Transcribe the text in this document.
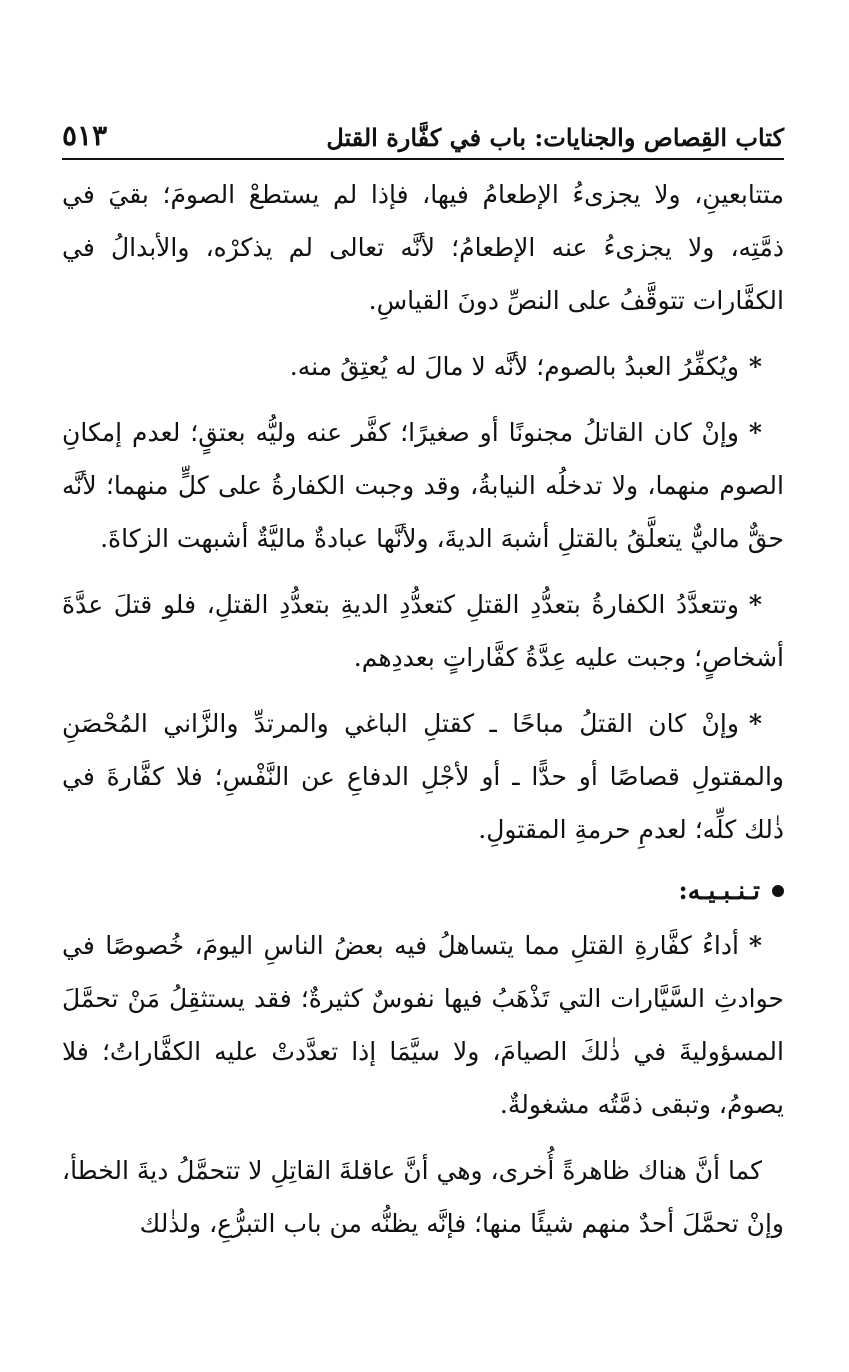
كتاب القِصاص والجنايات: باب في كفَّارة القتل
٥١٣

متتابعينِ، ولا يجزىءُ الإطعامُ فيها، فإذا لم يستطعْ الصومَ؛ بقيَ في ذمَّتِه، ولا يجزىءُ عنه الإطعامُ؛ لأنَّه تعالى لم يذكرْه، والأبدالُ في الكفَّارات تتوقَّفُ على النصِّ دونَ القياسِ.

*ويُكفِّرُ العبدُ بالصوم؛ لأنَّه لا مالَ له يُعتِقُ منه.

*وإنْ كان القاتلُ مجنونًا أو صغيرًا؛ كفَّر عنه وليُّه بعتقٍ؛ لعدم إمكانِ الصوم منهما، ولا تدخلُه النيابةُ، وقد وجبت الكفارةُ على كلٍّ منهما؛ لأنَّه حقٌّ ماليٌّ يتعلَّقُ بالقتلِ أشبهَ الديةَ، ولأنَّها عبادةٌ ماليَّةٌ أشبهت الزكاةَ.

*وتتعدَّدُ الكفارةُ بتعدُّدِ القتلِ كتعدُّدِ الديةِ بتعدُّدِ القتلِ، فلو قتلَ عدَّةَ أشخاصٍ؛ وجبت عليه عِدَّةُ كفَّاراتٍ بعددِهم.

*وإنْ كان القتلُ مباحًا ـ كقتلِ الباغي والمرتدِّ والزَّاني المُحْصَنِ والمقتولِ قصاصًا أو حدًّا ـ أو لأجْلِ الدفاعِ عن النَّفْسِ؛ فلا كفَّارةَ في ذٰلك كلِّه؛ لعدمِ حرمةِ المقتولِ.

تـنـبـيـه:

*أداءُ كفَّارةِ القتلِ مما يتساهلُ فيه بعضُ الناسِ اليومَ، خُصوصًا في حوادثِ السَّيَّارات التي تَذْهَبُ فيها نفوسٌ كثيرةٌ؛ فقد يستثقِلُ مَنْ تحمَّلَ المسؤوليةَ في ذٰلكَ الصيامَ، ولا سيَّمَا إذا تعدَّدتْ عليه الكفَّاراتُ؛ فلا يصومُ، وتبقى ذمَّتُه مشغولةٌ.

كما أنَّ هناك ظاهرةً أُخرى، وهي أنَّ عاقلةَ القاتِلِ لا تتحمَّلُ ديةَ الخطأ، وإنْ تحمَّلَ أحدٌ منهم شيئًا منها؛ فإنَّه يظنُّه من باب التبرُّعِ، ولذٰلك
